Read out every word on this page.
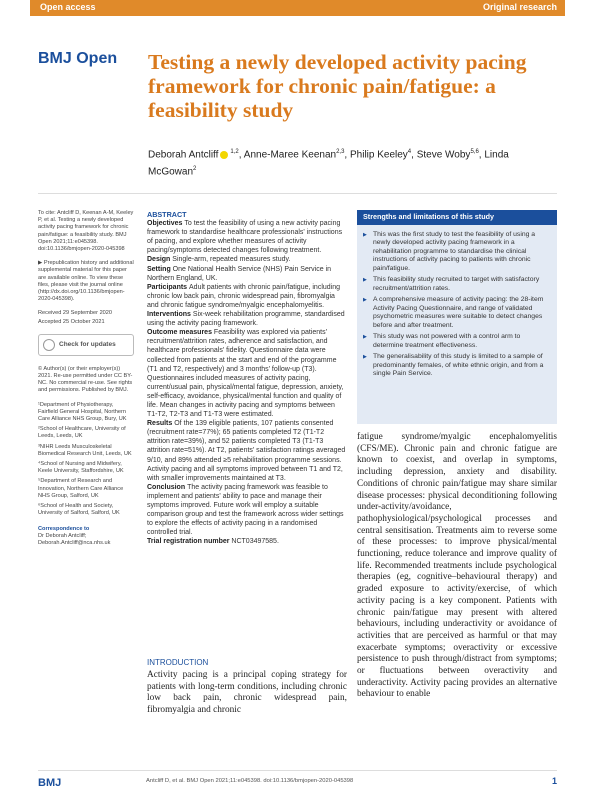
Open access	Original research
BMJ Open Testing a newly developed activity pacing framework for chronic pain/fatigue: a feasibility study
Deborah Antcliff $^{1,2}$, Anne-Maree Keenan$^{2,3}$, Philip Keeley$^4$, Steve Woby$^{5,6}$, Linda McGowan$^2$

To cite: Antcliff D, Keenan A-M, Keeley P, et al. Testing a newly developed activity pacing framework for chronic pain/fatigue: a feasibility study. BMJ Open 2021;11:e045398. doi:10.1136/bmjopen-2020-045398

▶ Prepublication history and additional supplemental material for this paper are available online. To view these files, please visit the journal online (http://dx.doi.org/10.1136/bmjopen-2020-045398).

Received 29 September 2020

Accepted 25 October 2021

Check for updates

© Author(s) (or their employer(s)) 2021. Re-use permitted under CC BY-NC. No commercial re-use. See rights and permissions. Published by BMJ.

¹Department of Physiotherapy, Fairfield General Hospital, Northern Care Alliance NHS Group, Bury, UK

²School of Healthcare, University of Leeds, Leeds, UK

³NIHR Leeds Musculoskeletal Biomedical Research Unit, Leeds, UK

⁴School of Nursing and Midwifery, Keele University, Staffordshire, UK

⁵Department of Research and Innovation, Northern Care Alliance NHS Group, Salford, UK

⁶School of Health and Society, University of Salford, Salford, UK

Correspondence to

Dr Deborah Antcliff; Deborah.Antcliff@nca.nhs.uk

ABSTRACT

Objectives To test the feasibility of using a new activity pacing framework to standardise healthcare professionals' instructions of pacing, and explore whether measures of activity pacing/symptoms detected changes following treatment.

Design Single-arm, repeated measures study.

Setting One National Health Service (NHS) Pain Service in Northern England, UK.

Participants Adult patients with chronic pain/fatigue, including chronic low back pain, chronic widespread pain, fibromyalgia and chronic fatigue syndrome/myalgic encephalomyelitis.

Interventions Six-week rehabilitation programme, standardised using the activity pacing framework.

Outcome measures Feasibility was explored via patients' recruitment/attrition rates, adherence and satisfaction, and healthcare professionals' fidelity. Questionnaire data were collected from patients at the start and end of the programme (T1 and T2, respectively) and 3 months' follow-up (T3). Questionnaires included measures of activity pacing, current/usual pain, physical/mental fatigue, depression, anxiety, self-efficacy, avoidance, physical/mental function and quality of life. Mean changes in activity pacing and symptoms between T1-T2, T2-T3 and T1-T3 were estimated.

Results Of the 139 eligible patients, 107 patients consented (recruitment rate=77%); 65 patients completed T2 (T1-T2 attrition rate=39%), and 52 patients completed T3 (T1-T3 attrition rate=51%). At T2, patients' satisfaction ratings averaged 9/10, and 89% attended ≥5 rehabilitation programme sessions. Activity pacing and all symptoms improved between T1 and T2, with smaller improvements maintained at T3.

Conclusion The activity pacing framework was feasible to implement and patients' ability to pace and manage their symptoms improved. Future work will employ a suitable comparison group and test the framework across wider settings to explore the effects of activity pacing in a randomised controlled trial.

Trial registration number NCT03497585.

Strengths and limitations of this study
▶ This was the first study to test the feasibility of using a newly developed activity pacing framework in a rehabilitation programme to standardise the clinical instructions of activity pacing to patients with chronic pain/fatigue.
▶ This feasibility study recruited to target with satisfactory recruitment/attrition rates.
▶ A comprehensive measure of activity pacing: the 28-item Activity Pacing Questionnaire, and range of validated psychometric measures were suitable to detect changes before and after treatment.
▶ This study was not powered with a control arm to determine treatment effectiveness.
▶ The generalisability of this study is limited to a sample of predominantly females, of white ethnic origin, and from a single Pain Service.
fatigue syndrome/myalgic encephalomyelitis (CFS/ME). Chronic pain and chronic fatigue are known to coexist, and overlap in symptoms, including depression, anxiety and disability. Conditions of chronic pain/fatigue may share similar disease processes: physical deconditioning following under-activity/avoidance, pathophysiological/psychological processes and central sensitisation. Treatments aim to reverse some of these processes: to improve physical/mental functioning, reduce tolerance and improve quality of life. Recommended treatments include psychological therapies (eg, cognitive–behavioural therapy) and graded exposure to activity/exercise, of which activity pacing is a key component. Patients with chronic pain/fatigue may present with altered behaviours, including underactivity or avoidance of activities that are perceived as harmful or that may exacerbate symptoms; overactivity or excessive persistence to push through/distract from symptoms; or fluctuations between overactivity and underactivity. Activity pacing provides an alternative behaviour to enable
INTRODUCTION
Activity pacing is a principal coping strategy for patients with long-term conditions, including chronic low back pain, chronic widespread pain, fibromyalgia and chronic
BMJ	Antcliff D, et al. BMJ Open 2021;11:e045398. doi:10.1136/bmjopen-2020-045398	1
